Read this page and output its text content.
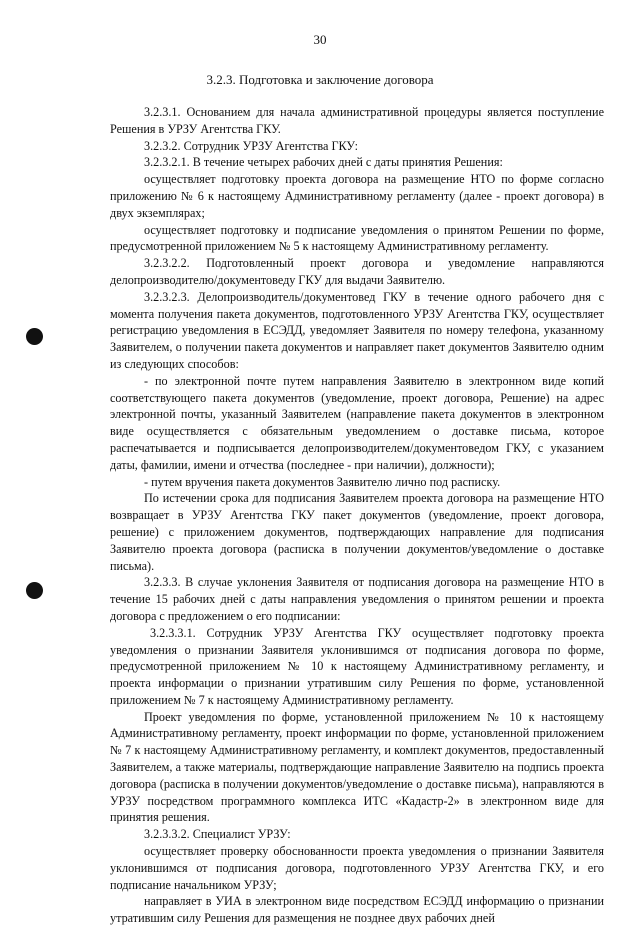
30
3.2.3. Подготовка и заключение договора

3.2.3.1. Основанием для начала административной процедуры является поступление Решения в УРЗУ Агентства ГКУ.

3.2.3.2. Сотрудник УРЗУ Агентства ГКУ:

3.2.3.2.1. В течение четырех рабочих дней с даты принятия Решения:

осуществляет подготовку проекта договора на размещение НТО по форме согласно приложению № 6 к настоящему Административному регламенту (далее - проект договора) в двух экземплярах;

осуществляет подготовку и подписание уведомления о принятом Решении по форме, предусмотренной приложением № 5 к настоящему Административному регламенту.

3.2.3.2.2. Подготовленный проект договора и уведомление направляются делопроизводителю/документоведу ГКУ для выдачи Заявителю.

3.2.3.2.3. Делопроизводитель/документовед ГКУ в течение одного рабочего дня с момента получения пакета документов, подготовленного УРЗУ Агентства ГКУ, осуществляет регистрацию уведомления в ЕСЭДД, уведомляет Заявителя по номеру телефона, указанному Заявителем, о получении пакета документов и направляет пакет документов Заявителю одним из следующих способов:

- по электронной почте путем направления Заявителю в электронном виде копий соответствующего пакета документов (уведомление, проект договора, Решение) на адрес электронной почты, указанный Заявителем (направление пакета документов в электронном виде осуществляется с обязательным уведомлением о доставке письма, которое распечатывается и подписывается делопроизводителем/документоведом ГКУ, с указанием даты, фамилии, имени и отчества (последнее - при наличии), должности);

- путем вручения пакета документов Заявителю лично под расписку.

По истечении срока для подписания Заявителем проекта договора на размещение НТО возвращает в УРЗУ Агентства ГКУ пакет документов (уведомление, проект договора, решение) с приложением документов, подтверждающих направление для подписания Заявителю проекта договора (расписка в получении документов/уведомление о доставке письма).

3.2.3.3. В случае уклонения Заявителя от подписания договора на размещение НТО в течение 15 рабочих дней с даты направления уведомления о принятом решении и проекта договора с предложением о его подписании:

3.2.3.3.1. Сотрудник УРЗУ Агентства ГКУ осуществляет подготовку проекта уведомления о признании Заявителя уклонившимся от подписания договора по форме, предусмотренной приложением № 10 к настоящему Административному регламенту, и проекта информации о признании утратившим силу Решения по форме, установленной приложением № 7 к настоящему Административному регламенту.

Проект уведомления по форме, установленной приложением № 10 к настоящему Административному регламенту, проект информации по форме, установленной приложением № 7 к настоящему Административному регламенту, и комплект документов, предоставленный Заявителем, а также материалы, подтверждающие направление Заявителю на подпись проекта договора (расписка в получении документов/уведомление о доставке письма), направляются в УРЗУ посредством программного комплекса ИТС «Кадастр-2» в электронном виде для принятия решения.

3.2.3.3.2. Специалист УРЗУ:

осуществляет проверку обоснованности проекта уведомления о признании Заявителя уклонившимся от подписания договора, подготовленного УРЗУ Агентства ГКУ, и его подписание начальником УРЗУ;

направляет в УИА в электронном виде посредством ЕСЭДД информацию о признании утратившим силу Решения для размещения не позднее двух рабочих дней
